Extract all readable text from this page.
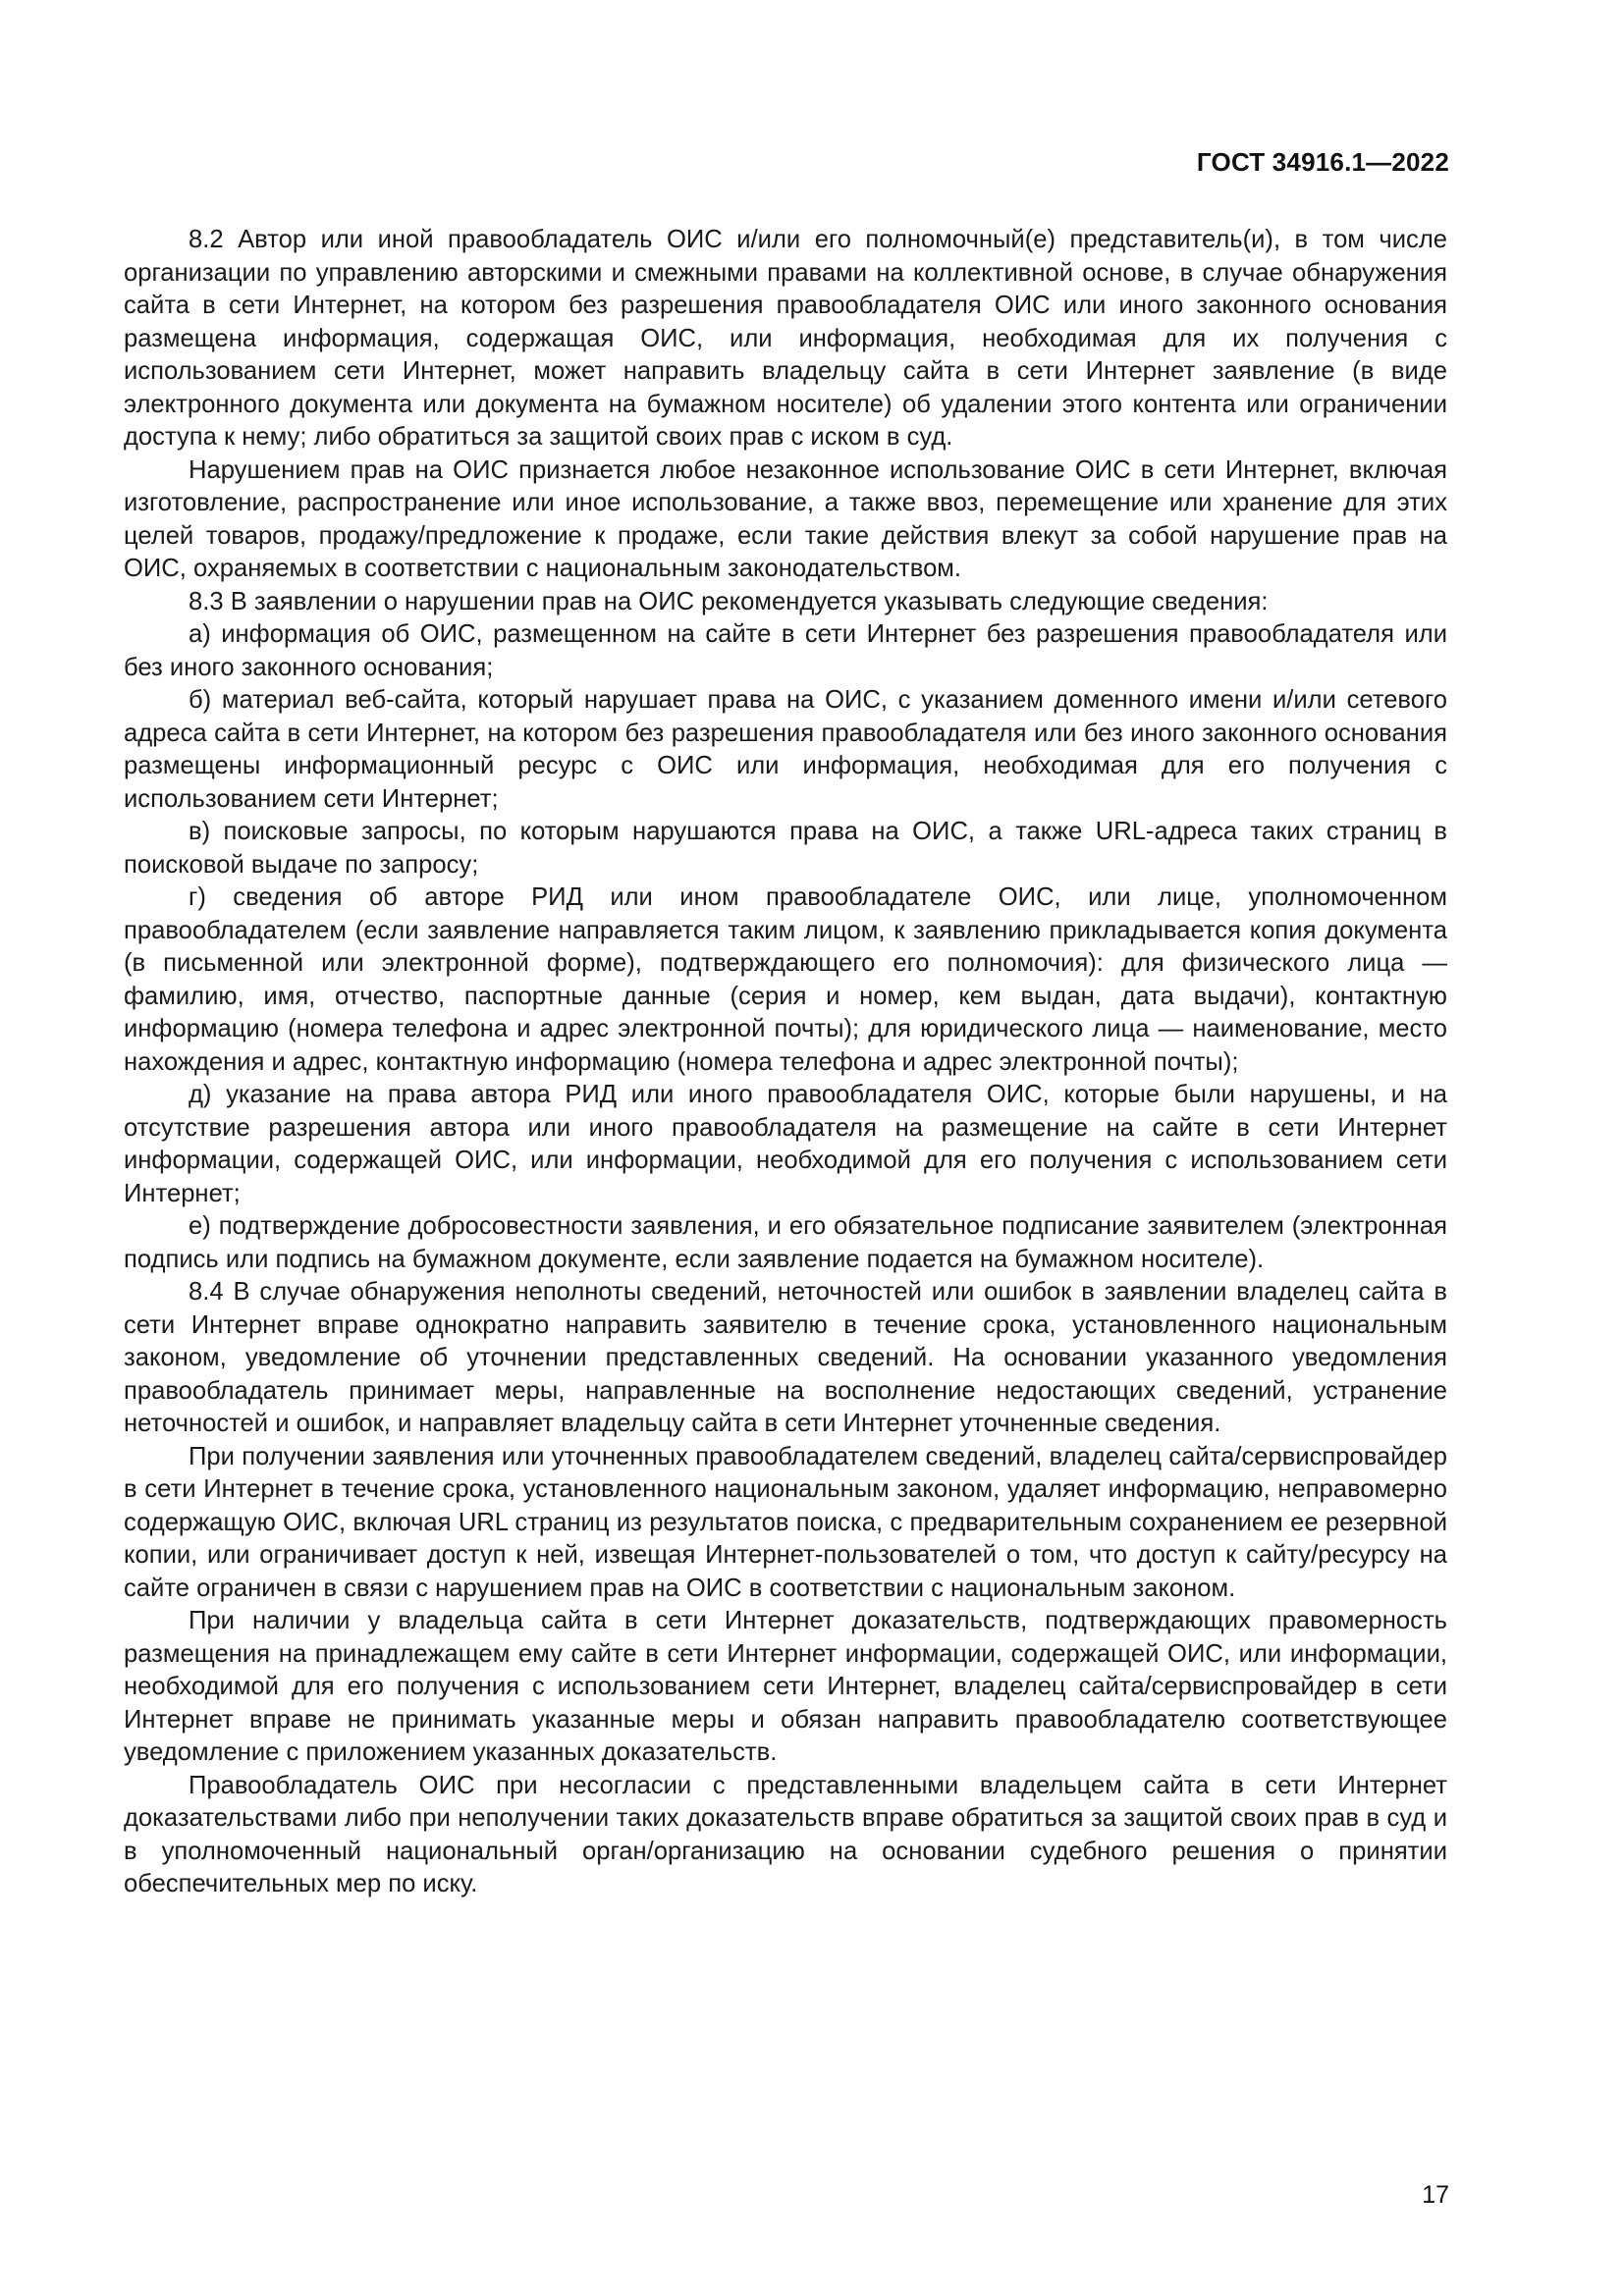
ГОСТ 34916.1—2022

8.2 Автор или иной правообладатель ОИС и/или его полномочный(е) представитель(и), в том числе организации по управлению авторскими и смежными правами на коллективной основе, в случае обнаружения сайта в сети Интернет, на котором без разрешения правообладателя ОИС или иного законного основания размещена информация, содержащая ОИС, или информация, необходимая для их получения с использованием сети Интернет, может направить владельцу сайта в сети Интернет заявление (в виде электронного документа или документа на бумажном носителе) об удалении этого контента или ограничении доступа к нему; либо обратиться за защитой своих прав с иском в суд.

Нарушением прав на ОИС признается любое незаконное использование ОИС в сети Интернет, включая изготовление, распространение или иное использование, а также ввоз, перемещение или хранение для этих целей товаров, продажу/предложение к продаже, если такие действия влекут за собой нарушение прав на ОИС, охраняемых в соответствии с национальным законодательством.

8.3 В заявлении о нарушении прав на ОИС рекомендуется указывать следующие сведения:

а) информация об ОИС, размещенном на сайте в сети Интернет без разрешения правообладателя или без иного законного основания;

б) материал веб-сайта, который нарушает права на ОИС, с указанием доменного имени и/или сетевого адреса сайта в сети Интернет, на котором без разрешения правообладателя или без иного законного основания размещены информационный ресурс с ОИС или информация, необходимая для его получения с использованием сети Интернет;

в) поисковые запросы, по которым нарушаются права на ОИС, а также URL-адреса таких страниц в поисковой выдаче по запросу;

г) сведения об авторе РИД или ином правообладателе ОИС, или лице, уполномоченном правообладателем (если заявление направляется таким лицом, к заявлению прикладывается копия документа (в письменной или электронной форме), подтверждающего его полномочия): для физического лица — фамилию, имя, отчество, паспортные данные (серия и номер, кем выдан, дата выдачи), контактную информацию (номера телефона и адрес электронной почты); для юридического лица — наименование, место нахождения и адрес, контактную информацию (номера телефона и адрес электронной почты);

д) указание на права автора РИД или иного правообладателя ОИС, которые были нарушены, и на отсутствие разрешения автора или иного правообладателя на размещение на сайте в сети Интернет информации, содержащей ОИС, или информации, необходимой для его получения с использованием сети Интернет;

е) подтверждение добросовестности заявления, и его обязательное подписание заявителем (электронная подпись или подпись на бумажном документе, если заявление подается на бумажном носителе).

8.4 В случае обнаружения неполноты сведений, неточностей или ошибок в заявлении владелец сайта в сети Интернет вправе однократно направить заявителю в течение срока, установленного национальным законом, уведомление об уточнении представленных сведений. На основании указанного уведомления правообладатель принимает меры, направленные на восполнение недостающих сведений, устранение неточностей и ошибок, и направляет владельцу сайта в сети Интернет уточненные сведения.

При получении заявления или уточненных правообладателем сведений, владелец сайта/сервиспровайдер в сети Интернет в течение срока, установленного национальным законом, удаляет информацию, неправомерно содержащую ОИС, включая URL страниц из результатов поиска, с предварительным сохранением ее резервной копии, или ограничивает доступ к ней, извещая Интернет-пользователей о том, что доступ к сайту/ресурсу на сайте ограничен в связи с нарушением прав на ОИС в соответствии с национальным законом.

При наличии у владельца сайта в сети Интернет доказательств, подтверждающих правомерность размещения на принадлежащем ему сайте в сети Интернет информации, содержащей ОИС, или информации, необходимой для его получения с использованием сети Интернет, владелец сайта/сервиспровайдер в сети Интернет вправе не принимать указанные меры и обязан направить правообладателю соответствующее уведомление с приложением указанных доказательств.

Правообладатель ОИС при несогласии с представленными владельцем сайта в сети Интернет доказательствами либо при неполучении таких доказательств вправе обратиться за защитой своих прав в суд и в уполномоченный национальный орган/организацию на основании судебного решения о принятии обеспечительных мер по иску.

17
